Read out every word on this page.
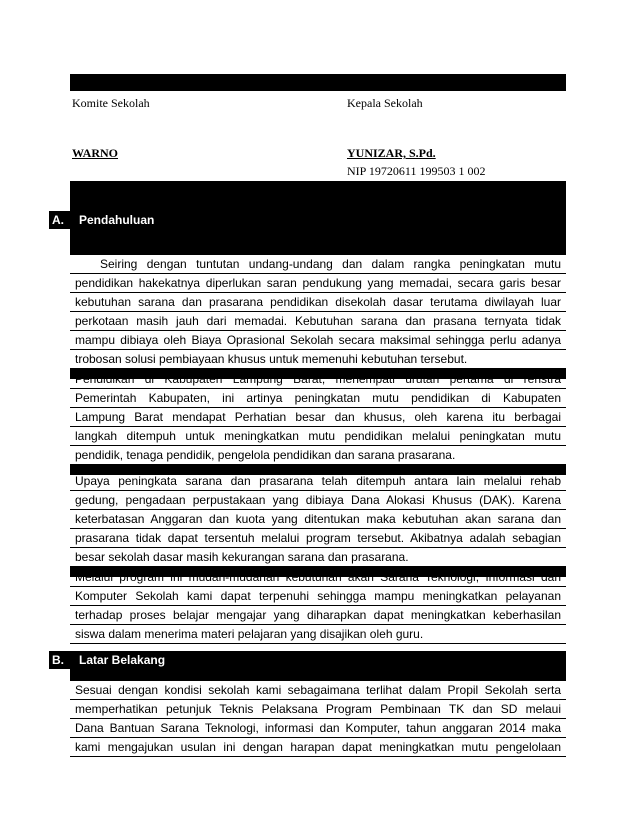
Komite Sekolah	Kepala Sekolah
WARNO	YUNIZAR, S.Pd.
NIP 19720611 199503 1 002
A. Pendahuluan
Seiring dengan tuntutan undang-undang dan dalam rangka peningkatan mutu
pendidikan hakekatnya diperlukan saran pendukung yang memadai, secara garis besar
kebutuhan sarana dan prasarana pendidikan disekolah dasar terutama diwilayah luar
perkotaan masih jauh dari memadai. Kebutuhan sarana dan prasana ternyata tidak
mampu dibiaya oleh Biaya Oprasional Sekolah secara maksimal sehingga perlu adanya
trobosan solusi pembiayaan khusus untuk memenuhi kebutuhan tersebut.
Pendidikan di Kabupaten Lampung Barat, menempati urutan pertama di renstra
Pemerintah Kabupaten, ini artinya peningkatan mutu pendidikan di Kabupaten
Lampung Barat mendapat Perhatian besar dan khusus, oleh karena itu berbagai
langkah ditempuh untuk meningkatkan mutu pendidikan melalui peningkatan mutu
pendidik, tenaga pendidik, pengelola pendidikan dan sarana prasarana.
Upaya peningkata sarana dan prasarana telah ditempuh antara lain melalui rehab
gedung, pengadaan perpustakaan yang dibiaya Dana Alokasi Khusus (DAK). Karena
keterbatasan Anggaran dan kuota yang ditentukan maka kebutuhan akan sarana dan
prasarana tidak dapat tersentuh melalui program tersebut. Akibatnya adalah sebagian
besar sekolah dasar masih kekurangan sarana dan prasarana.
Melalui program ini mudah-mudahan kebutuhan akan Sarana Teknologi, Informasi dan
Komputer Sekolah kami dapat terpenuhi sehingga mampu meningkatkan pelayanan
terhadap proses belajar mengajar yang diharapkan dapat meningkatkan keberhasilan
siswa dalam menerima materi pelajaran yang disajikan oleh guru.
B. Latar Belakang
Sesuai dengan kondisi sekolah kami sebagaimana terlihat dalam Propil Sekolah serta
memperhatikan petunjuk Teknis Pelaksana Program Pembinaan TK dan SD melaui
Dana Bantuan Sarana Teknologi, informasi dan Komputer, tahun anggaran 2014 maka
kami mengajukan usulan ini dengan harapan dapat meningkatkan mutu pengelolaan
